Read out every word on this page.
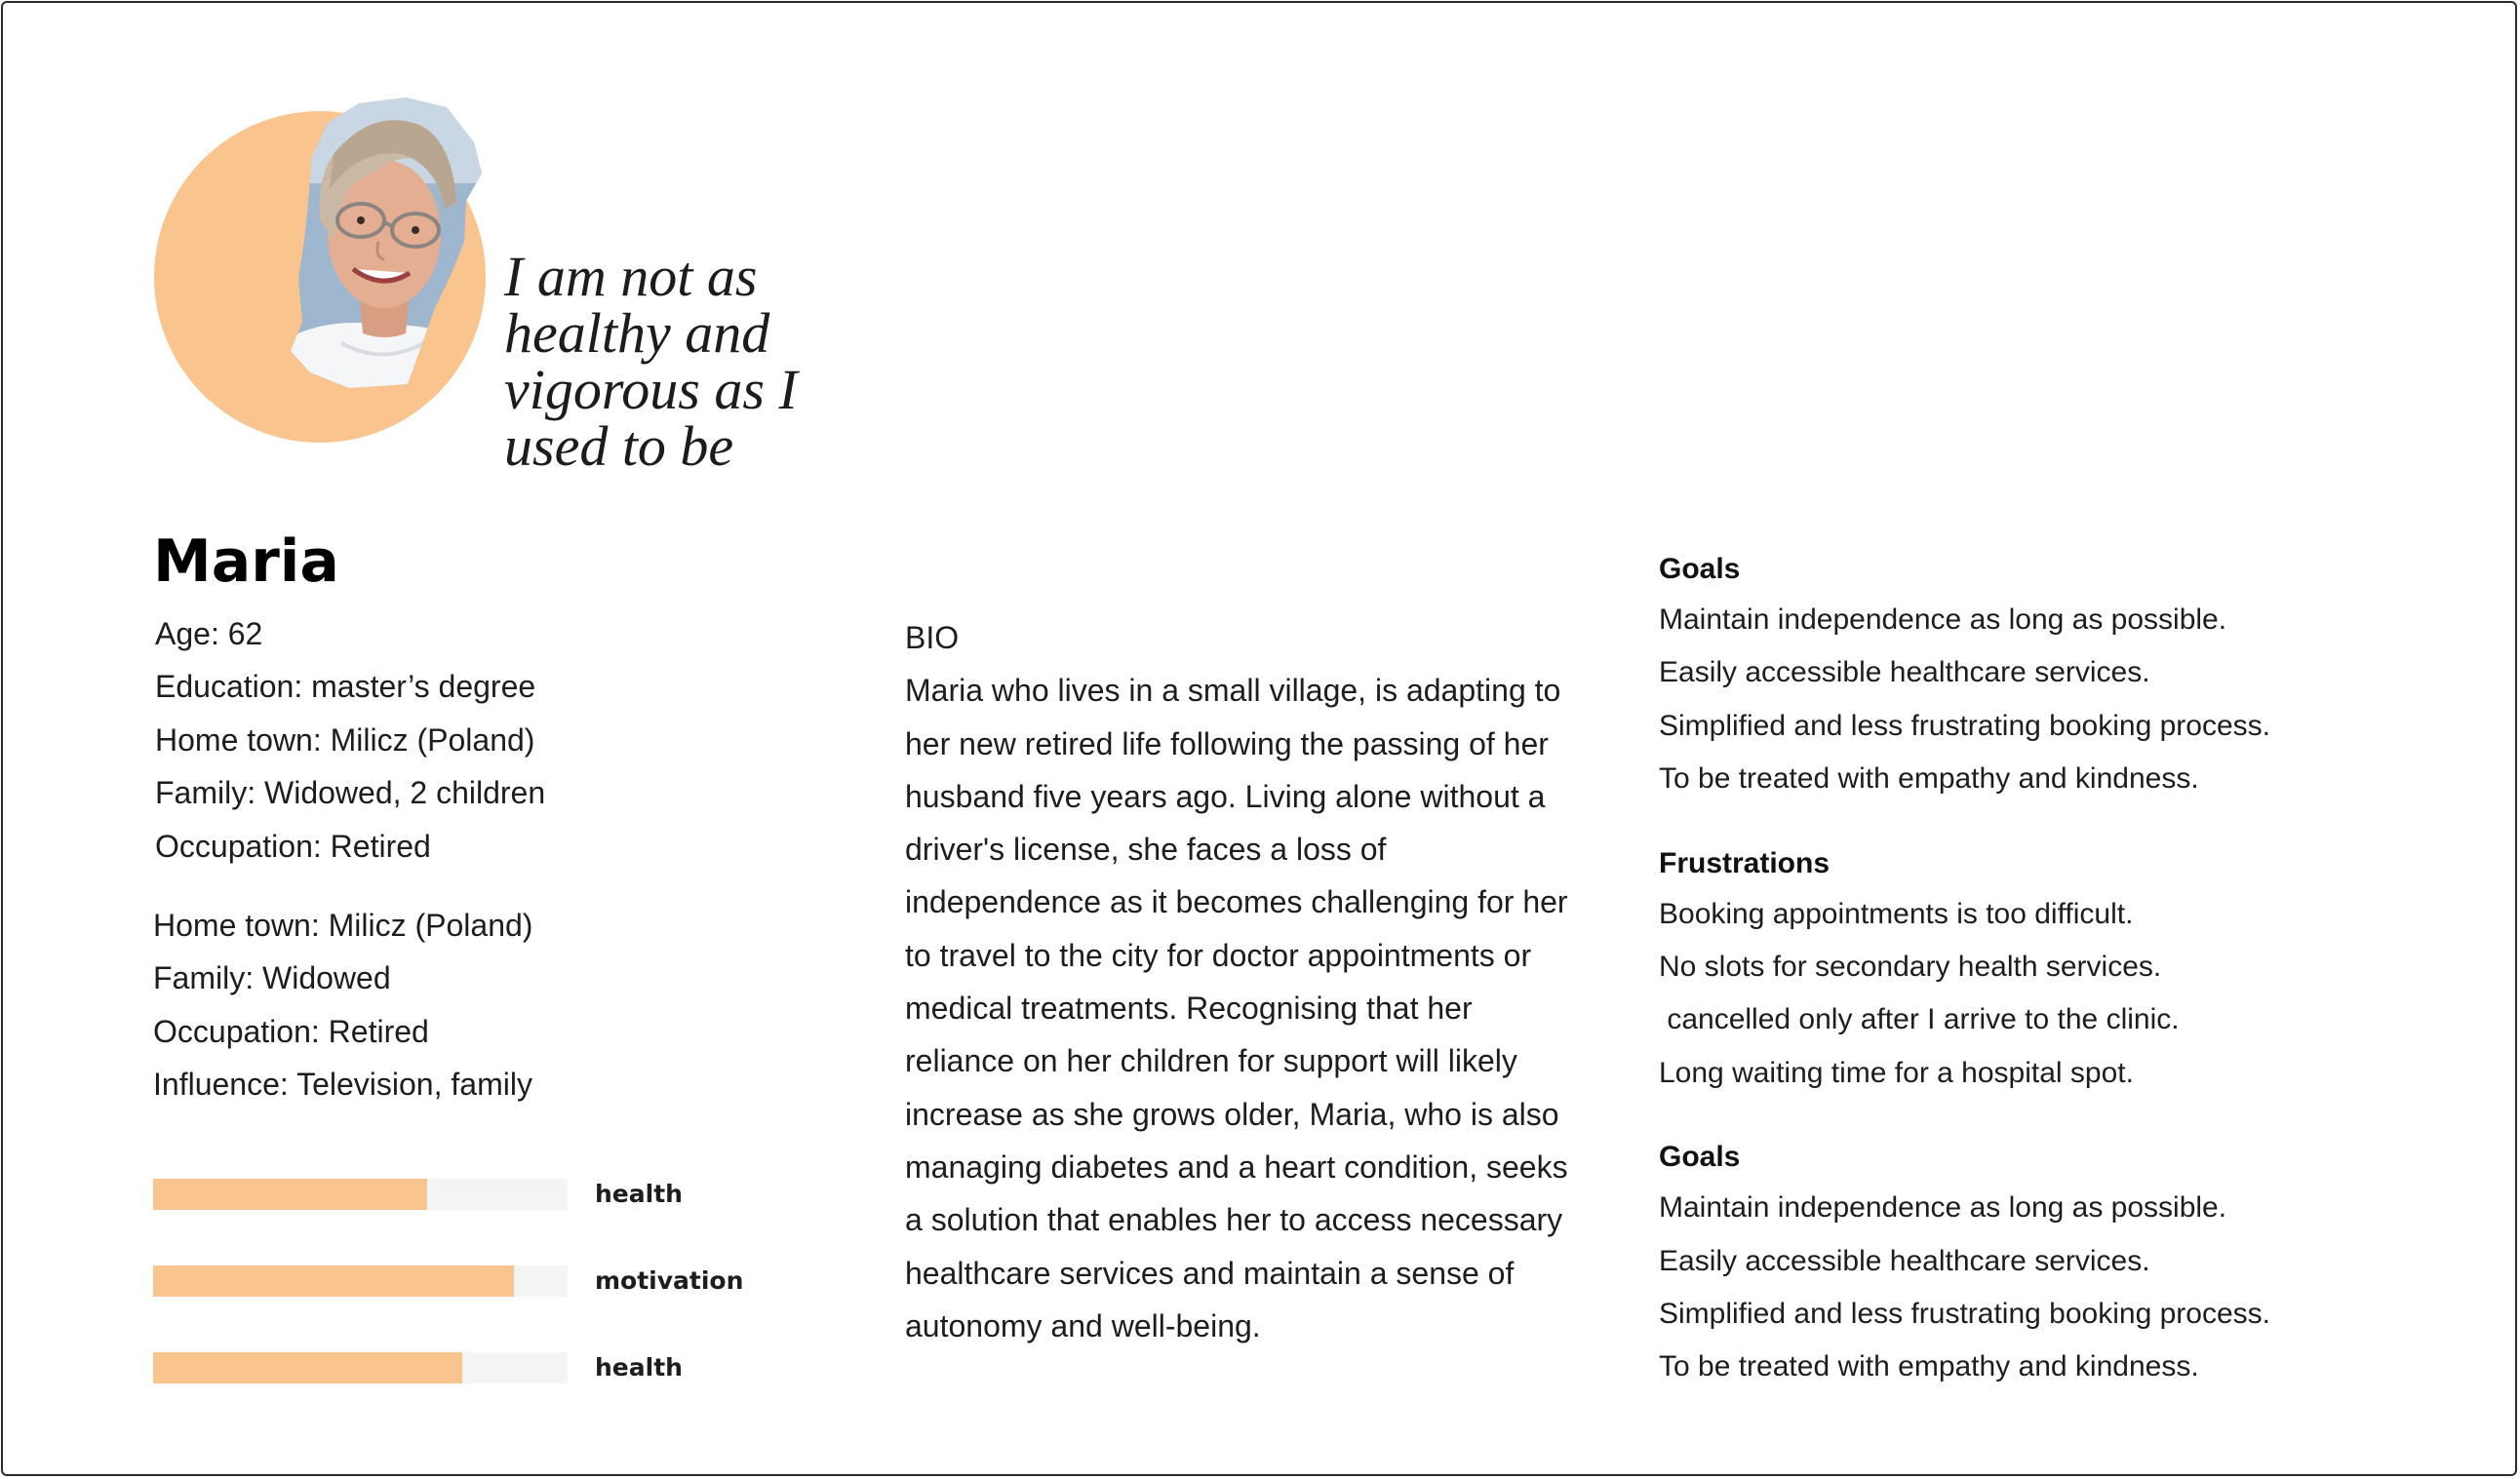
I am not as healthy and vigorous as I used to be

Maria
Age: 62
Education: master’s degree
Home town: Milicz (Poland)
Family: Widowed, 2 children
Occupation: Retired
Home town: Milicz (Poland)
Family: Widowed
Occupation: Retired
Influence: Television, family
health
motivation
health
BIO

Maria who lives in a small village, is adapting to her new retired life following the passing of her husband five years ago. Living alone without a driver's license, she faces a loss of independence as it becomes challenging for her to travel to the city for doctor appointments or medical treatments. Recognising that her reliance on her children for support will likely increase as she grows older, Maria, who is also managing diabetes and a heart condition, seeks a solution that enables her to access necessary healthcare services and maintain a sense of autonomy and well-being.

Goals
Maintain independence as long as possible.
Easily accessible healthcare services.
Simplified and less frustrating booking process.
To be treated with empathy and kindness.
Frustrations
Booking appointments is too difficult.
No slots for secondary health services.
cancelled only after I arrive to the clinic.
Long waiting time for a hospital spot.
Goals
Maintain independence as long as possible.
Easily accessible healthcare services.
Simplified and less frustrating booking process.
To be treated with empathy and kindness.
